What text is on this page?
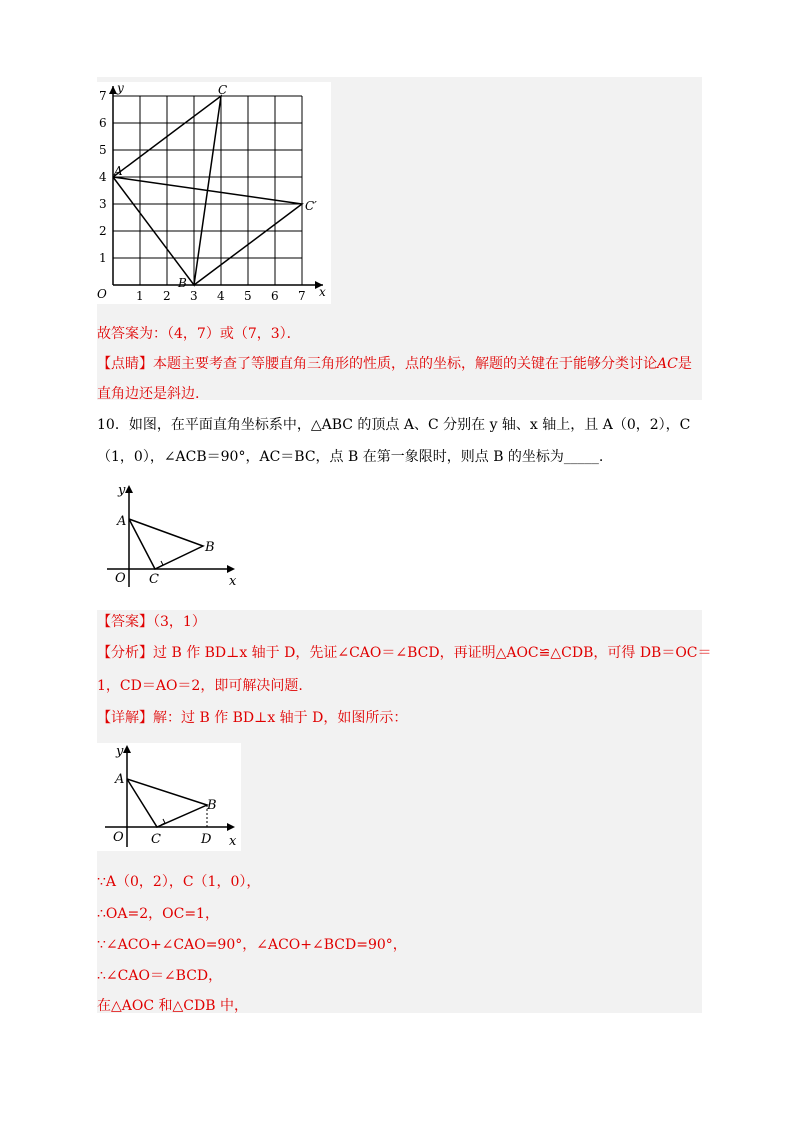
y
x
O 1 2 3 4 5 6 7
1
2
3
4
5
6
7
A
B
C
C′
故答案为：（4，7）或（7，3）．
【点睛】本题主要考查了等腰直角三角形的性质，点的坐标，解题的关键在于能够分类讨论AC是
直角边还是斜边.
10．如图，在平面直角坐标系中，△ABC 的顶点 A、C 分别在 y 轴、x 轴上，且 A（0，2），C
（1，0），∠ACB＝90°，AC＝BC，点 B 在第一象限时，则点 B 的坐标为_____.
y
x
O
A
B
C
【答案】（3，1）
【分析】过 B 作 BD⊥x 轴于 D，先证∠CAO＝∠BCD，再证明△AOC≌△CDB，可得 DB＝OC＝
1，CD＝AO＝2，即可解决问题.
【详解】解：过 B 作 BD⊥x 轴于 D，如图所示：
y
x
O
A
B
C	D
∵A（0，2），C（1，0），
∴OA=2，OC=1，
∵∠ACO+∠CAO=90°，∠ACO+∠BCD=90°，
∴∠CAO＝∠BCD，
在△AOC 和△CDB 中，
